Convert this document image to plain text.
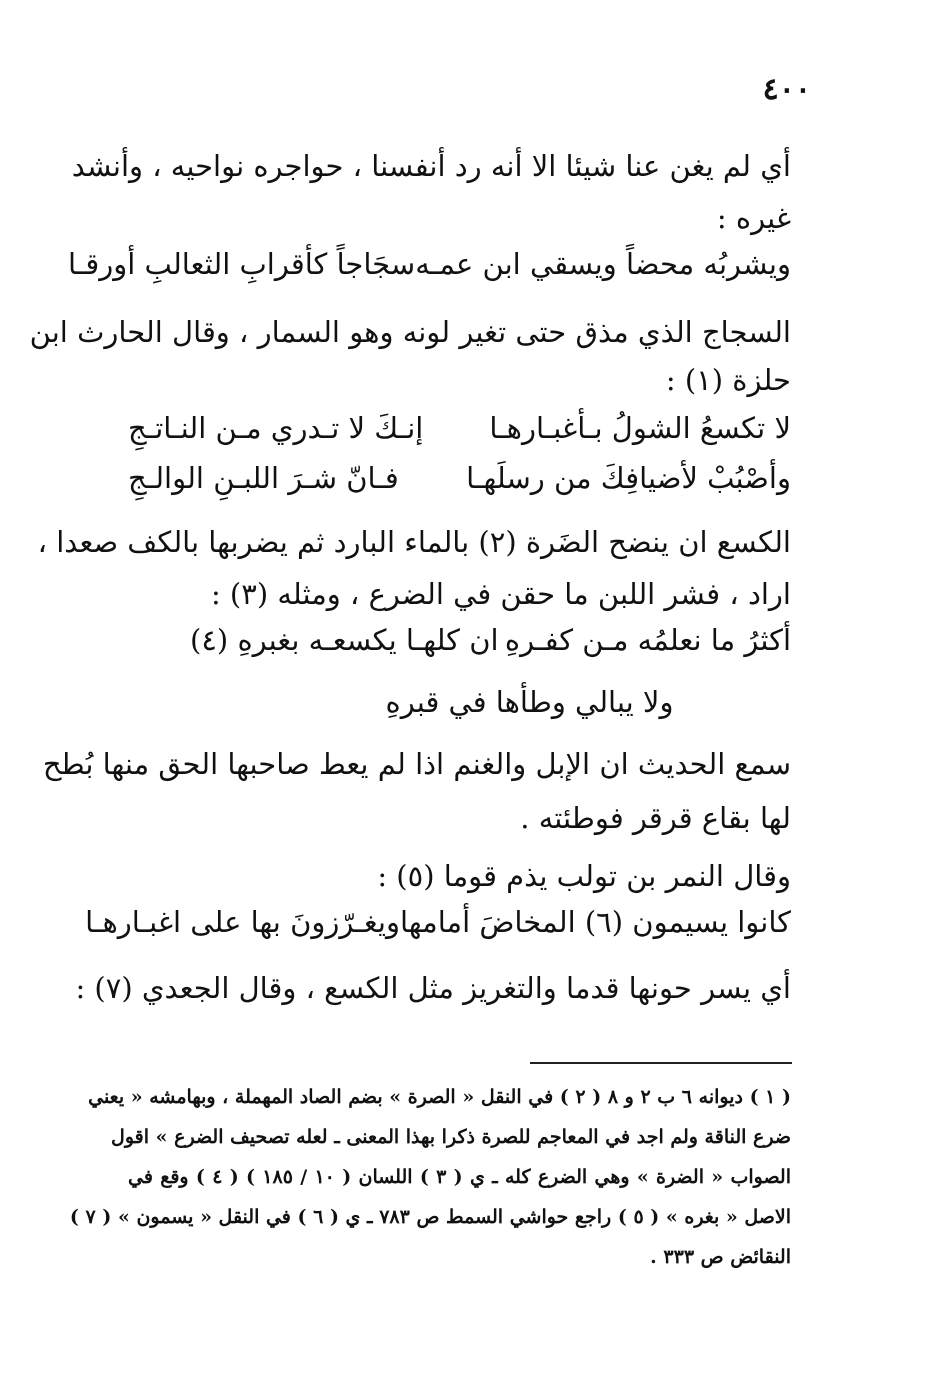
٤٠٠
أي لم يغن عنا شيئا الا أنه رد أنفسنا ، حواجره نواحيه ، وأنشد
غيره :
ويشربُه محضاً ويسقي ابن عمـه
سجَاجاً كأقرابِ الثعالبِ أورقـا
السجاج الذي مذق حتى تغير لونه وهو السمار ، وقال الحارث ابن
حلزة (١) :
لا تكسعُ الشولُ بـأغبـارهـا
إنـكَ لا تـدري مـن النـاتـجِ
وأصْبُبْ لأضيافِكَ من رسلَهـا
فـانّ شـرَ اللبـنِ الوالـجِ
الكسع ان ينضح الضَرة (٢) بالماء البارد ثم يضربها بالكف صعدا ،
اراد ، فشر اللبن ما حقن في الضرع ، ومثله (٣) :
أكثرُ ما نعلمُه مـن كفـرهِ
ان كلهـا يكسعـه بغبرهِ (٤)
ولا يبالي وطأها في قبرهِ
سمع الحديث ان الإبل والغنم اذا لم يعط صاحبها الحق منها بُطح
لها بقاع قرقر فوطئته .
وقال النمر بن تولب يذم قوما (٥) :
كانوا يسيمون (٦) المخاضَ أمامها
ويغـرّزونَ بها على اغبـارهـا
أي يسر حونها قدما والتغريز مثل الكسع ، وقال الجعدي (٧) :
( ١ ) ديوانه ٦ ب ٢ و ٨ ( ٢ ) في النقل « الصرة » بضم الصاد المهملة ، وبهامشه « يعني
ضرع الناقة ولم اجد في المعاجم للصرة ذكرا بهذا المعنى ـ لعله تصحيف الضرع » اقول
الصواب « الضرة » وهي الضرع كله ـ ي ( ٣ ) اللسان ( ١٠ / ١٨٥ ) ( ٤ ) وقع في
الاصل « بغره » ( ٥ ) راجع حواشي السمط ص ٧٨٣ ـ ي ( ٦ ) في النقل « يسمون » ( ٧ )
النقائض ص ٣٣٣ .
